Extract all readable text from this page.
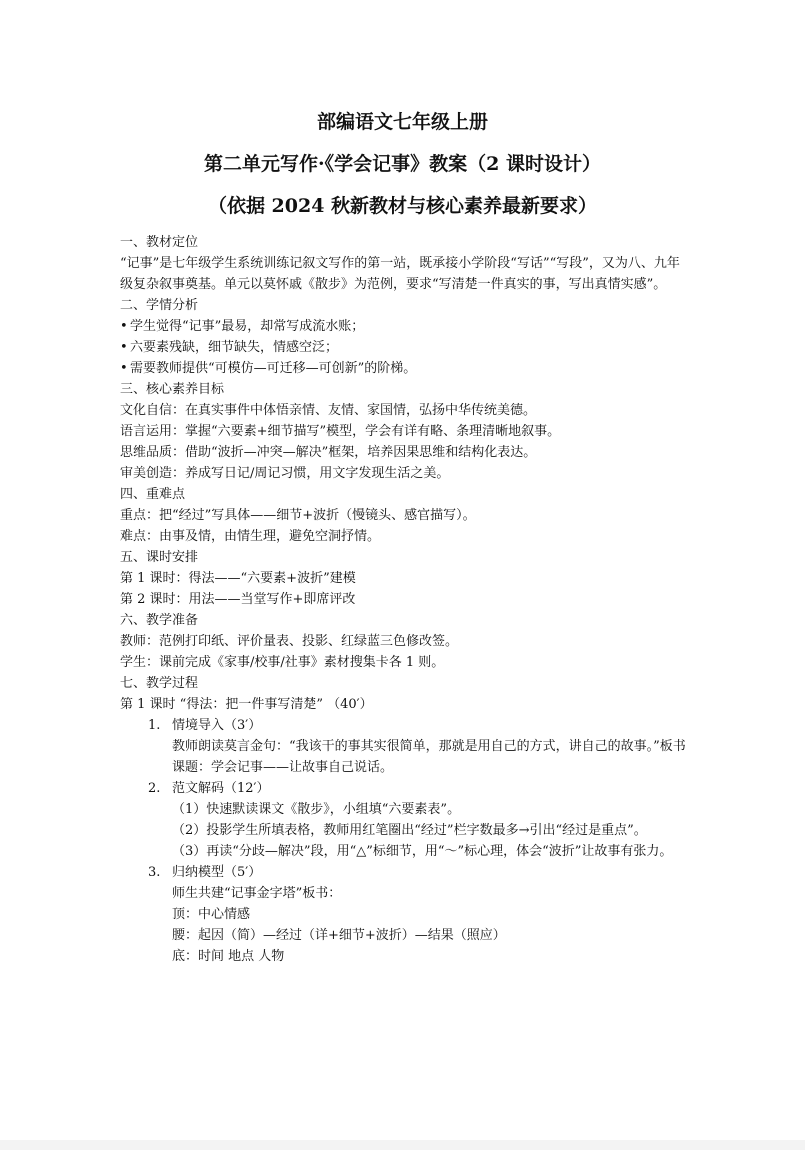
部编语文七年级上册
第二单元写作·《学会记事》教案（2 课时设计）
（依据 2024 秋新教材与核心素养最新要求）
一、教材定位
“记事”是七年级学生系统训练记叙文写作的第一站，既承接小学阶段“写话”“写段”，又为八、九年级复杂叙事奠基。单元以莫怀戚《散步》为范例，要求“写清楚一件真实的事，写出真情实感”。
二、学情分析
• 学生觉得“记事”最易，却常写成流水账；
• 六要素残缺，细节缺失，情感空泛；
• 需要教师提供“可模仿—可迁移—可创新”的阶梯。
三、核心素养目标
文化自信：在真实事件中体悟亲情、友情、家国情，弘扬中华传统美德。
语言运用：掌握“六要素+细节描写”模型，学会有详有略、条理清晰地叙事。
思维品质：借助“波折—冲突—解决”框架，培养因果思维和结构化表达。
审美创造：养成写日记/周记习惯，用文字发现生活之美。
四、重难点
重点：把“经过”写具体——细节+波折（慢镜头、感官描写）。
难点：由事及情，由情生理，避免空洞抒情。
五、课时安排
第 1 课时：得法——“六要素+波折”建模
第 2 课时：用法——当堂写作+即席评改
六、教学准备
教师：范例打印纸、评价量表、投影、红绿蓝三色修改签。
学生：课前完成《家事/校事/社事》素材搜集卡各 1 则。
七、教学过程
第 1 课时 “得法：把一件事写清楚” （40′）
1. 情境导入（3′）
教师朗读莫言金句：“我该干的事其实很简单，那就是用自己的方式，讲自己的故事。”板书课题：学会记事——让故事自己说话。
2. 范文解码（12′）
（1）快速默读课文《散步》，小组填“六要素表”。
（2）投影学生所填表格，教师用红笔圈出“经过”栏字数最多→引出“经过是重点”。
（3）再读“分歧—解决”段，用“△”标细节，用“～”标心理，体会“波折”让故事有张力。
3. 归纳模型（5′）
师生共建“记事金字塔”板书：
顶：中心情感
腰：起因（简）—经过（详+细节+波折）—结果（照应）
底：时间 地点 人物
